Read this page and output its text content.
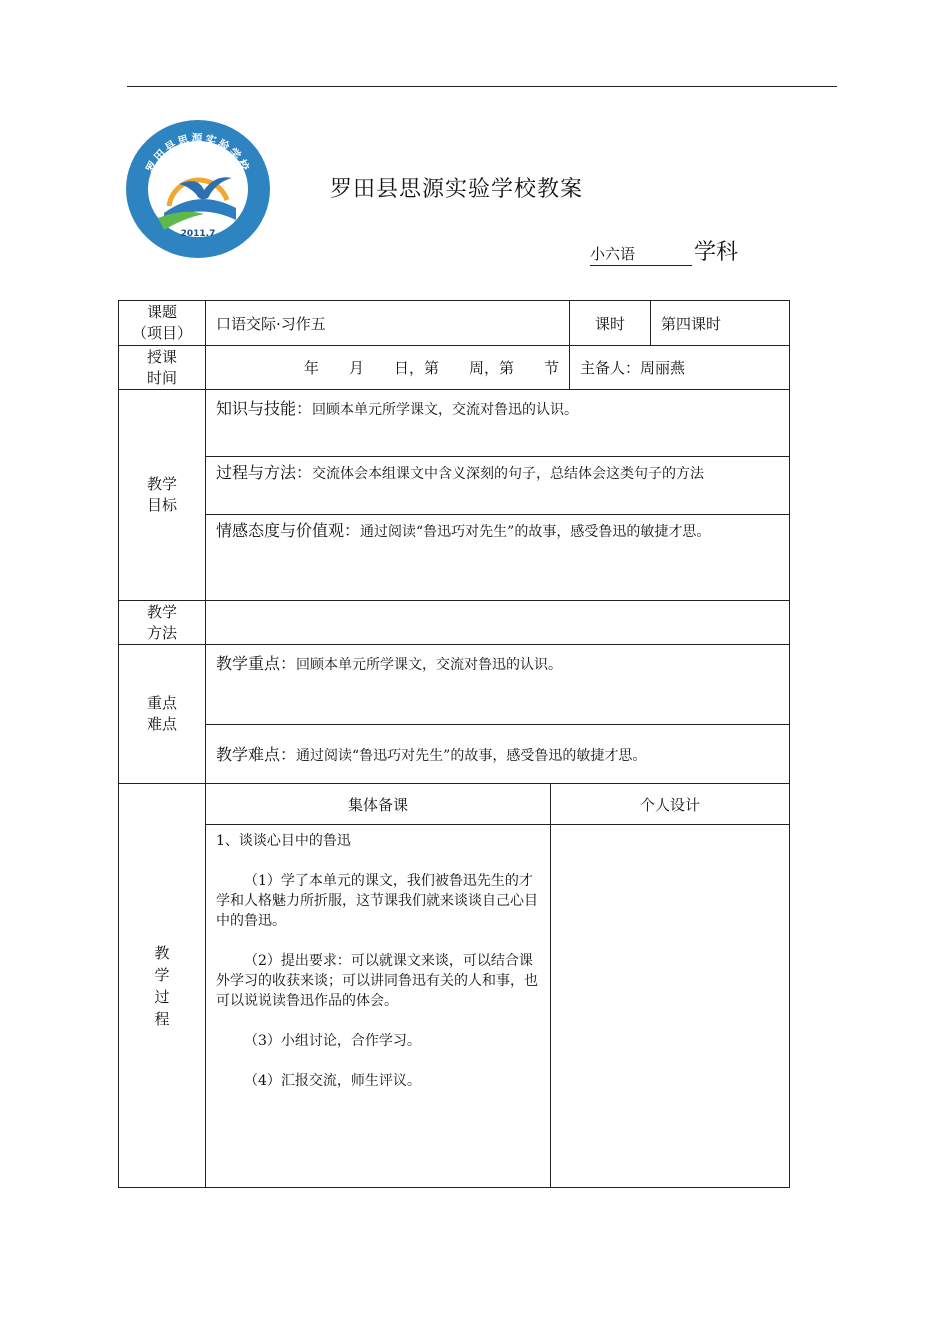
罗田县思源实验学校
2011.7
罗田县思源实验学校教案
小六语	学科
课题
（项目）	口语交际·习作五		课时	第四课时
授课
时间	年　　月　　日，第　　周，第　　节		主备人：周丽燕	
教学
目标	知识与技能：回顾本单元所学课文，交流对鲁迅的认识。			
	过程与方法：交流体会本组课文中含义深刻的句子，总结体会这类句子的方法			
	情感态度与价值观：通过阅读“鲁迅巧对先生”的故事，感受鲁迅的敏捷才思。			
教学
方法				
重点
难点	教学重点：回顾本单元所学课文，交流对鲁迅的认识。			
	教学难点：通过阅读“鲁迅巧对先生”的故事，感受鲁迅的敏捷才思。			
教
学
过
程	集体备课	个人设计		

	1、谈谈心目中的鲁迅

（1）学了本单元的课文，我们被鲁迅先生的才学和人格魅力所折服，这节课我们就来谈谈自己心目中的鲁迅。

（2）提出要求：可以就课文来谈，可以结合课外学习的收获来谈；可以讲同鲁迅有关的人和事，也可以说说读鲁迅作品的体会。

（3）小组讨论，合作学习。

（4）汇报交流，师生评议。			
